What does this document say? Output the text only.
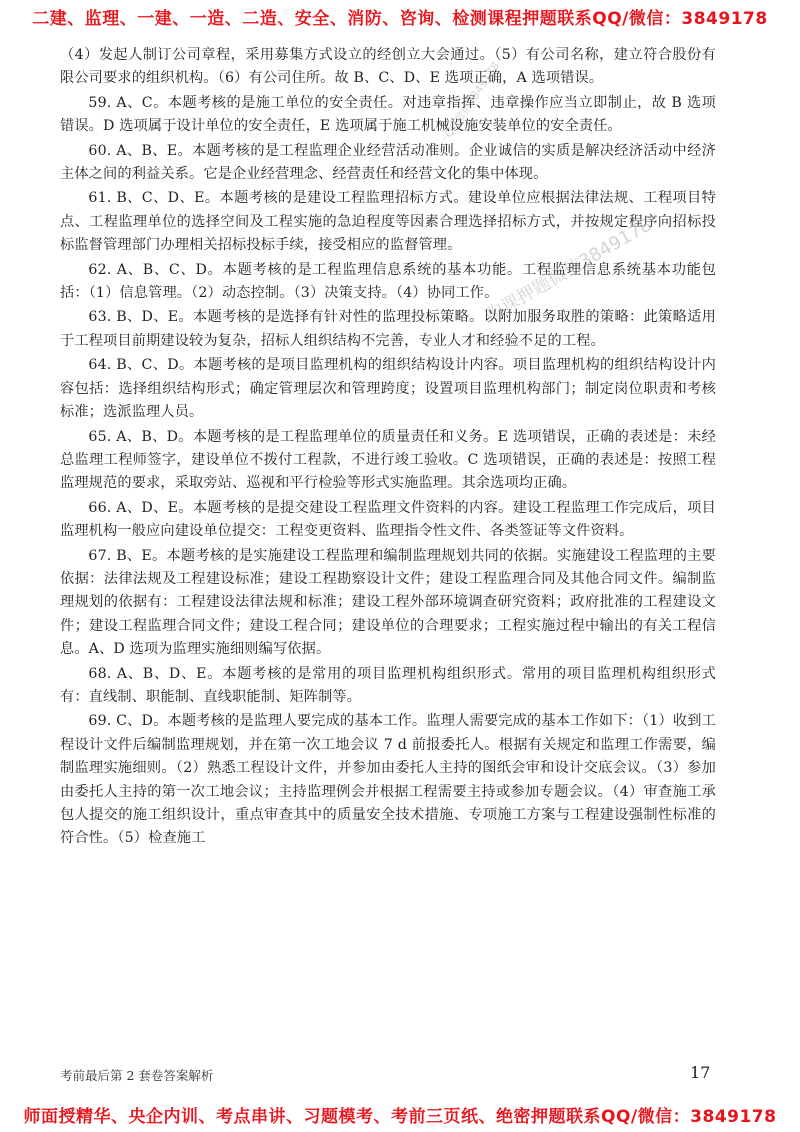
二建、监理、一建、一造、二造、安全、消防、咨询、检测课程押题联系QQ/微信：3849178

（4）发起人制订公司章程，采用募集方式设立的经创立大会通过。（5）有公司名称，建立符合股份有限公司要求的组织机构。（6）有公司住所。故 B、C、D、E 选项正确，A 选项错误。

59. A、C。本题考核的是施工单位的安全责任。对违章指挥、违章操作应当立即制止，故 B 选项错误。D 选项属于设计单位的安全责任，E 选项属于施工机械设施安装单位的安全责任。

60. A、B、E。本题考核的是工程监理企业经营活动准则。企业诚信的实质是解决经济活动中经济主体之间的利益关系。它是企业经营理念、经营责任和经营文化的集中体现。

61. B、C、D、E。本题考核的是建设工程监理招标方式。建设单位应根据法律法规、工程项目特点、工程监理单位的选择空间及工程实施的急迫程度等因素合理选择招标方式，并按规定程序向招标投标监督管理部门办理相关招标投标手续，接受相应的监督管理。

62. A、B、C、D。本题考核的是工程监理信息系统的基本功能。工程监理信息系统基本功能包括：（1）信息管理。（2）动态控制。（3）决策支持。（4）协同工作。

63. B、D、E。本题考核的是选择有针对性的监理投标策略。以附加服务取胜的策略：此策略适用于工程项目前期建设较为复杂，招标人组织结构不完善，专业人才和经验不足的工程。

64. B、C、D。本题考核的是项目监理机构的组织结构设计内容。项目监理机构的组织结构设计内容包括：选择组织结构形式；确定管理层次和管理跨度；设置项目监理机构部门；制定岗位职责和考核标准；选派监理人员。

65. A、B、D。本题考核的是工程监理单位的质量责任和义务。E 选项错误，正确的表述是：未经总监理工程师签字，建设单位不拨付工程款，不进行竣工验收。C 选项错误，正确的表述是：按照工程监理规范的要求，采取旁站、巡视和平行检验等形式实施监理。其余选项均正确。

66. A、D、E。本题考核的是提交建设工程监理文件资料的内容。建设工程监理工作完成后，项目监理机构一般应向建设单位提交：工程变更资料、监理指令性文件、各类签证等文件资料。

67. B、E。本题考核的是实施建设工程监理和编制监理规划共同的依据。实施建设工程监理的主要依据：法律法规及工程建设标准；建设工程勘察设计文件；建设工程监理合同及其他合同文件。编制监理规划的依据有：工程建设法律法规和标准；建设工程外部环境调查研究资料；政府批准的工程建设文件；建设工程监理合同文件；建设工程合同；建设单位的合理要求；工程实施过程中输出的有关工程信息。A、D 选项为监理实施细则编写依据。

68. A、B、D、E。本题考核的是常用的项目监理机构组织形式。常用的项目监理机构组织形式有：直线制、职能制、直线职能制、矩阵制等。

69. C、D。本题考核的是监理人要完成的基本工作。监理人需要完成的基本工作如下：（1）收到工程设计文件后编制监理规划，并在第一次工地会议 7 d 前报委托人。根据有关规定和监理工作需要，编制监理实施细则。（2）熟悉工程设计文件，并参加由委托人主持的图纸会审和设计交底会议。（3）参加由委托人主持的第一次工地会议；主持监理例会并根据工程需要主持或参加专题会议。（4）审查施工承包人提交的施工组织设计，重点审查其中的质量安全技术措施、专项施工方案与工程建设强制性标准的符合性。（5）检查施工

唯一QQ微信3849178
购课押题微信3849178
考前最后第 2 套卷答案解析	17
师面授精华、央企内训、考点串讲、习题模考、考前三页纸、绝密押题联系QQ/微信：3849178
